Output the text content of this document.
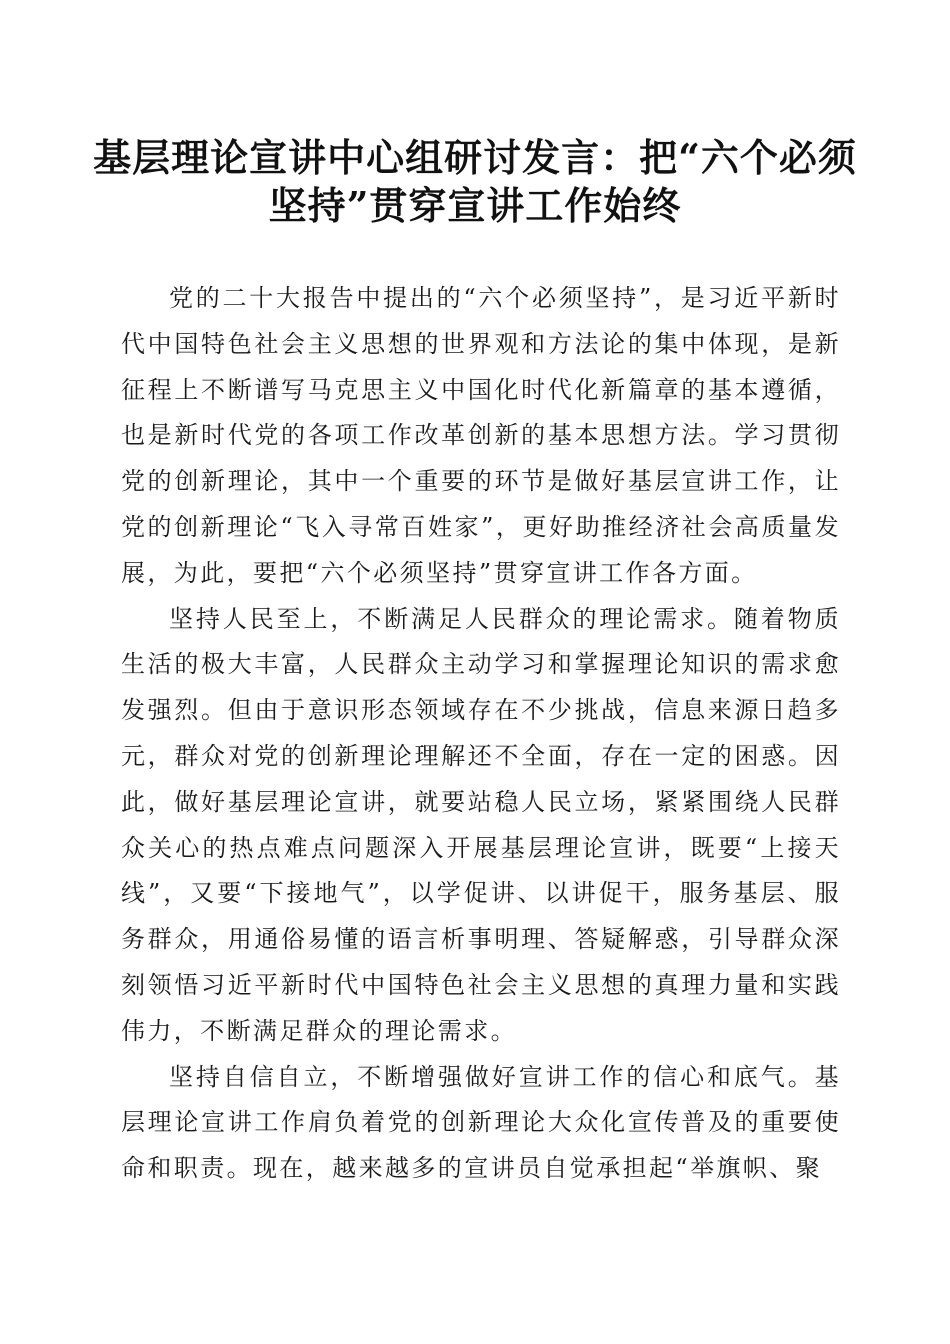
基层理论宣讲中心组研讨发言：把“六个必须
坚持”贯穿宣讲工作始终

党的二十大报告中提出的“六个必须坚持”，是习近平新时代中国特色社会主义思想的世界观和方法论的集中体现，是新征程上不断谱写马克思主义中国化时代化新篇章的基本遵循，也是新时代党的各项工作改革创新的基本思想方法。学习贯彻党的创新理论，其中一个重要的环节是做好基层宣讲工作，让党的创新理论“飞入寻常百姓家”，更好助推经济社会高质量发展，为此，要把“六个必须坚持”贯穿宣讲工作各方面。

坚持人民至上，不断满足人民群众的理论需求。随着物质生活的极大丰富，人民群众主动学习和掌握理论知识的需求愈发强烈。但由于意识形态领域存在不少挑战，信息来源日趋多元，群众对党的创新理论理解还不全面，存在一定的困惑。因此，做好基层理论宣讲，就要站稳人民立场，紧紧围绕人民群众关心的热点难点问题深入开展基层理论宣讲，既要“上接天线”，又要“下接地气”，以学促讲、以讲促干，服务基层、服务群众，用通俗易懂的语言析事明理、答疑解惑，引导群众深刻领悟习近平新时代中国特色社会主义思想的真理力量和实践伟力，不断满足群众的理论需求。

坚持自信自立，不断增强做好宣讲工作的信心和底气。基层理论宣讲工作肩负着党的创新理论大众化宣传普及的重要使命和职责。现在，越来越多的宣讲员自觉承担起“举旗帜、聚
